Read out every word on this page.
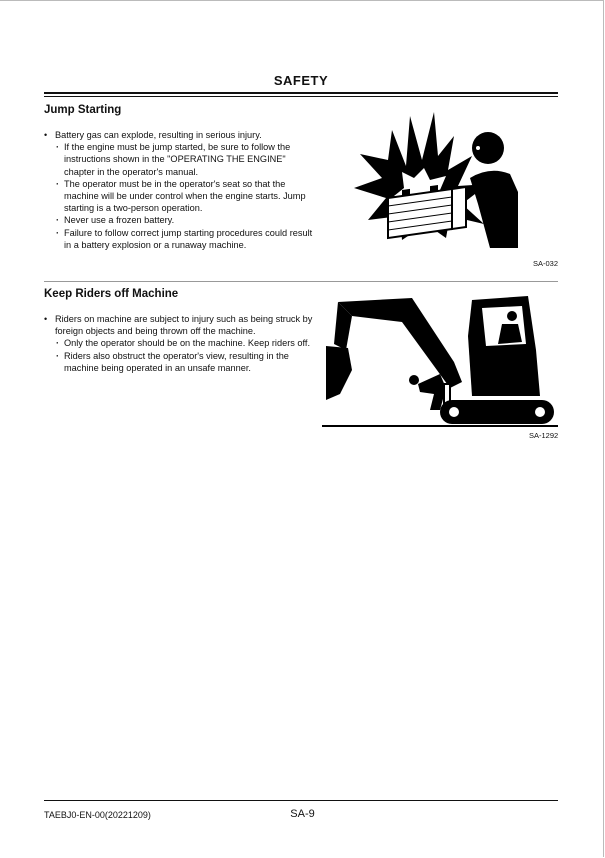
SAFETY
Jump Starting
• Battery gas can explode, resulting in serious injury.
· If the engine must be jump started, be sure to follow the instructions shown in the "OPERATING THE ENGINE" chapter in the operator's manual.
· The operator must be in the operator's seat so that the machine will be under control when the engine starts. Jump starting is a two-person operation.
· Never use a frozen battery.
· Failure to follow correct jump starting procedures could result in a battery explosion or a runaway machine.
SA-032
Keep Riders off Machine
• Riders on machine are subject to injury such as being struck by foreign objects and being thrown off the machine.
· Only the operator should be on the machine. Keep riders off.
· Riders also obstruct the operator's view, resulting in the machine being operated in an unsafe manner.
SA-1292
TAEBJ0-EN-00(20221209)	SA-9
